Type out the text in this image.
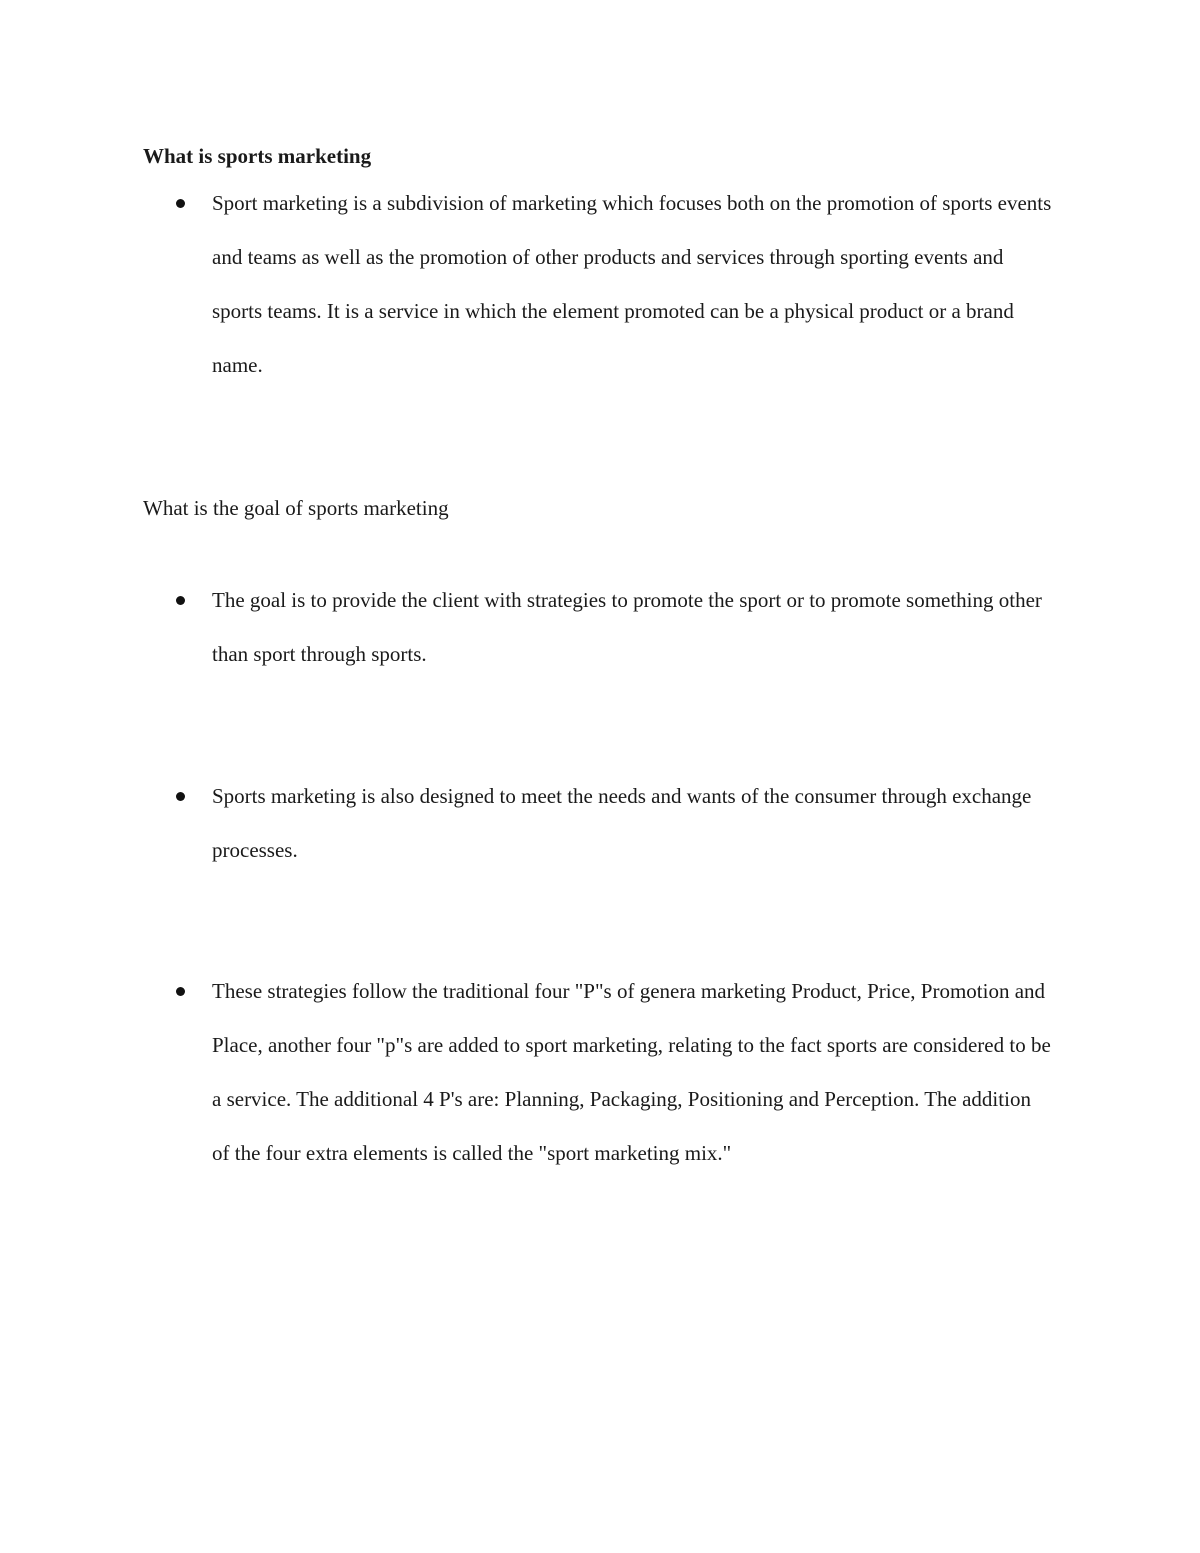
What is sports marketing
Sport marketing is a subdivision of marketing which focuses both on the promotion of sports events and teams as well as the promotion of other products and services through sporting events and sports teams. It is a service in which the element promoted can be a physical product or a brand name.
What is the goal of sports marketing
The goal is to provide the client with strategies to promote the sport or to promote something other than sport through sports.
Sports marketing is also designed to meet the needs and wants of the consumer through exchange processes.
These strategies follow the traditional four "P"s of genera marketing Product, Price, Promotion and Place, another four "p"s are added to sport marketing, relating to the fact sports are considered to be a service. The additional 4 P's are: Planning, Packaging, Positioning and Perception. The addition of the four extra elements is called the "sport marketing mix."
